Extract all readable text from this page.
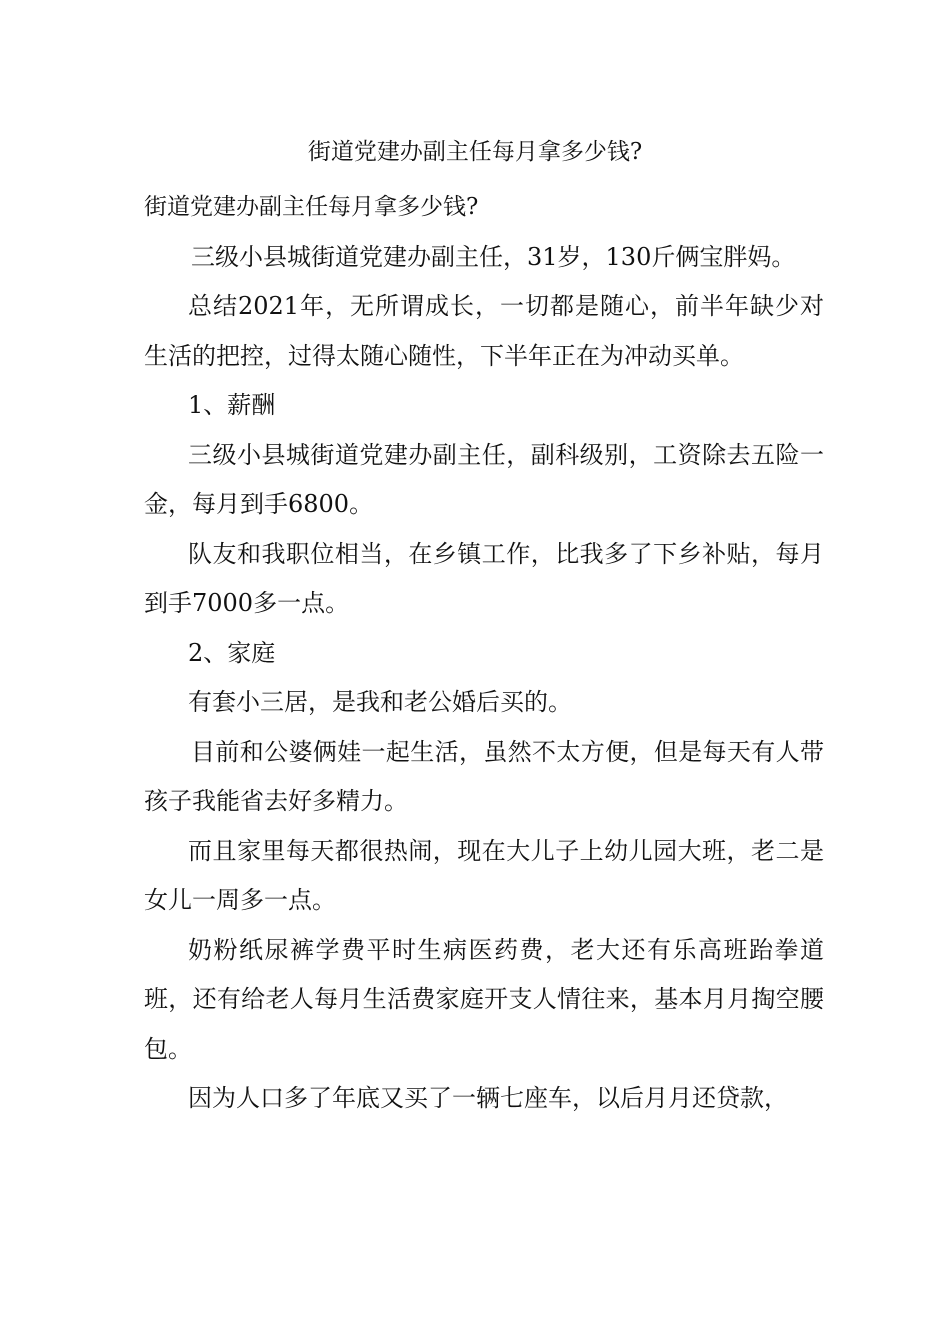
街道党建办副主任每月拿多少钱?

街道党建办副主任每月拿多少钱?

三级小县城街道党建办副主任，31岁，130斤俩宝胖妈。

总结2021年，无所谓成长，一切都是随心，前半年缺少对生活的把控，过得太随心随性，下半年正在为冲动买单。

1、薪酬

三级小县城街道党建办副主任，副科级别，工资除去五险一金，每月到手6800。

队友和我职位相当，在乡镇工作，比我多了下乡补贴，每月到手7000多一点。

2、家庭

有套小三居，是我和老公婚后买的。

目前和公婆俩娃一起生活，虽然不太方便，但是每天有人带孩子我能省去好多精力。

而且家里每天都很热闹，现在大儿子上幼儿园大班，老二是女儿一周多一点。

奶粉纸尿裤学费平时生病医药费，老大还有乐高班跆拳道班，还有给老人每月生活费家庭开支人情往来，基本月月掏空腰包。

因为人口多了年底又买了一辆七座车，以后月月还贷款，
